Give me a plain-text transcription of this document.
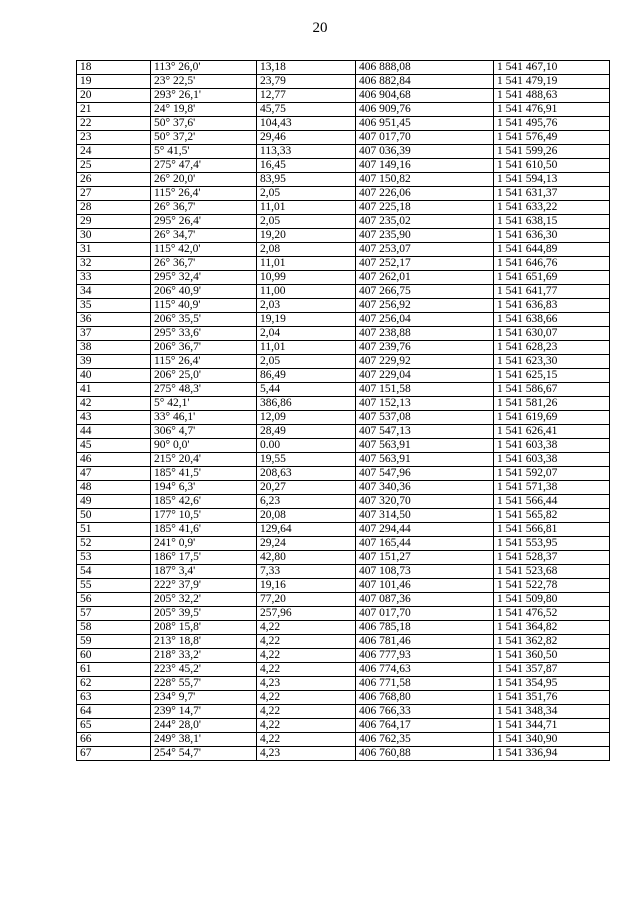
20
18	113° 26,0'	13,18	406 888,08	1 541 467,10
19	23° 22,5'	23,79	406 882,84	1 541 479,19
20	293° 26,1'	12,77	406 904,68	1 541 488,63
21	24° 19,8'	45,75	406 909,76	1 541 476,91
22	50° 37,6'	104,43	406 951,45	1 541 495,76
23	50° 37,2'	29,46	407 017,70	1 541 576,49
24	5° 41,5'	113,33	407 036,39	1 541 599,26
25	275° 47,4'	16,45	407 149,16	1 541 610,50
26	26° 20,0'	83,95	407 150,82	1 541 594,13
27	115° 26,4'	2,05	407 226,06	1 541 631,37
28	26° 36,7'	11,01	407 225,18	1 541 633,22
29	295° 26,4'	2,05	407 235,02	1 541 638,15
30	26° 34,7'	19,20	407 235,90	1 541 636,30
31	115° 42,0'	2,08	407 253,07	1 541 644,89
32	26° 36,7'	11,01	407 252,17	1 541 646,76
33	295° 32,4'	10,99	407 262,01	1 541 651,69
34	206° 40,9'	11,00	407 266,75	1 541 641,77
35	115° 40,9'	2,03	407 256,92	1 541 636,83
36	206° 35,5'	19,19	407 256,04	1 541 638,66
37	295° 33,6'	2,04	407 238,88	1 541 630,07
38	206° 36,7'	11,01	407 239,76	1 541 628,23
39	115° 26,4'	2,05	407 229,92	1 541 623,30
40	206° 25,0'	86,49	407 229,04	1 541 625,15
41	275° 48,3'	5,44	407 151,58	1 541 586,67
42	5° 42,1'	386,86	407 152,13	1 541 581,26
43	33° 46,1'	12,09	407 537,08	1 541 619,69
44	306° 4,7'	28,49	407 547,13	1 541 626,41
45	90° 0,0'	0.00	407 563,91	1 541 603,38
46	215° 20,4'	19,55	407 563,91	1 541 603,38
47	185° 41,5'	208,63	407 547,96	1 541 592,07
48	194° 6,3'	20,27	407 340,36	1 541 571,38
49	185° 42,6'	6,23	407 320,70	1 541 566,44
50	177° 10,5'	20,08	407 314,50	1 541 565,82
51	185° 41,6'	129,64	407 294,44	1 541 566,81
52	241° 0,9'	29,24	407 165,44	1 541 553,95
53	186° 17,5'	42,80	407 151,27	1 541 528,37
54	187° 3,4'	7,33	407 108,73	1 541 523,68
55	222° 37,9'	19,16	407 101,46	1 541 522,78
56	205° 32,2'	77,20	407 087,36	1 541 509,80
57	205° 39,5'	257,96	407 017,70	1 541 476,52
58	208° 15,8'	4,22	406 785,18	1 541 364,82
59	213° 18,8'	4,22	406 781,46	1 541 362,82
60	218° 33,2'	4,22	406 777,93	1 541 360,50
61	223° 45,2'	4,22	406 774,63	1 541 357,87
62	228° 55,7'	4,23	406 771,58	1 541 354,95
63	234° 9,7'	4,22	406 768,80	1 541 351,76
64	239° 14,7'	4,22	406 766,33	1 541 348,34
65	244° 28,0'	4,22	406 764,17	1 541 344,71
66	249° 38,1'	4,22	406 762,35	1 541 340,90
67	254° 54,7'	4,23	406 760,88	1 541 336,94
